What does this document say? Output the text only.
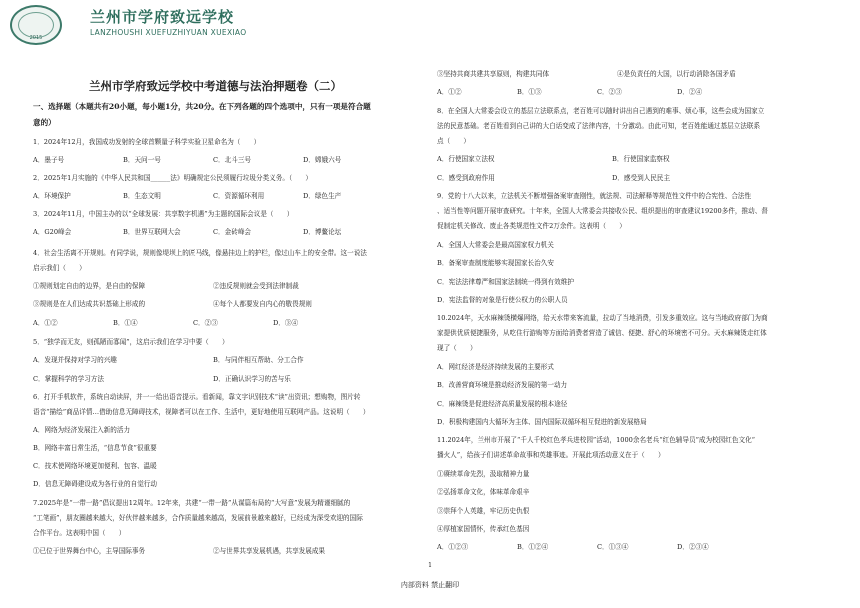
2015
兰州市学府致远学校
LANZHOUSHI XUEFUZHIYUAN XUEXIAO
兰州市学府致远学校中考道德与法治押题卷（二）
一、选择题（本题共有20小题，每小题1分，共20分。在下列各题的四个选项中，只有一项是符合题
意的）
1．2024年12月，我国成功发射的全球首颗量子科学实验卫星命名为（　　）
A．墨子号	B．天问一号	C．北斗三号	D．嫦娥六号
2．2025年1月实施的《中华人民共和国______法》明确规定公民须履行垃圾分类义务。（　　）
A．环境保护	B．生态文明	C．资源循环利用	D．绿色生产
3．2024年11月，中国主办的以“全球发展：共享数字机遇”为主题的国际会议是（　　）
A．G20峰会	B．世界互联网大会	C．金砖峰会	D．博鳌论坛
4．社会生活离不开规则。有同学说，规则像堤坝上的匠马线，像悬挂边上的护栏，像过山车上的安全带。这一说法
启示我们（　　）
①规则划定自由的边界，是自由的保障	②违反规则就会受到法律制裁
③规则是在人们达成共识基础上形成的	④每个人都要发自内心的敬畏规则
A．①②	B．①④	C．②③	D．③④
5．“独学而无友，则孤陋而寡闻”，这启示我们在学习中要（　　）
A．发现并保持对学习的兴趣	B．与同伴相互帮助、分工合作
C．掌握科学的学习方法	D．正确认识学习的苦与乐
6．打开手机软件，系统自动读屏，并一一给出语音提示。看新闻，靠文字识别技术“读”出资讯；想购物，图片转
语音“描绘”商品详情…借助信息无障碍技术，视障者可以在工作、生活中，更好地使用互联网产品。这说明（　　）
A．网络为经济发展注入新的活力
B．网络丰富日常生活，“信息节食”很重要
C．技术使网络环境更加便利、包容、温暖
D．信息无障碍建设成为各行业的自觉行动
7.2025年是“一带一路”倡议提出12周年。12年来，共建“一带一路”从谋篇布局的“大写意”发展为精谨细腻的
“工笔画”，朋友圈越来越大，好伙伴越来越多，合作质量越来越高，发展前景越来越好，已经成为深受欢迎的国际
合作平台。这表明中国（　　）
①已位于世界舞台中心，主导国际事务	②与世界共享发展机遇，共享发展成果
③坚持共商共建共享原则，构建共同体	④是负责任的大国，以行动消除各国矛盾
A．①②	B．①③	C．②③	D．②④
8．在全国人大常委会设立的基层立法联系点，老百姓可以随时讲出自己遇到的难事、烦心事，这些会成为国家立
法的民意基础。老百姓看到自己讲的大白话变成了法律内容，十分激动。由此可知，老百姓能通过基层立法联系
点（　　）
A．行使国家立法权	B．行使国家监察权
C．感受到政府作用	D．感受到人民民主
9．党的十八大以来，立法机关不断增强备案审查刚性，就法规、司法解释等规范性文件中的合宪性、合法性
、适当性等问题开展审查研究。十年来，全国人大常委会共接收公民、组织提出的审查建议19200多件，推动、督
促制定机关修改、废止各类规范性文件2万余件。这表明（　　）
A．全国人大常委会是最高国家权力机关
B．备案审查制度能够实现国家长治久安
C．宪法法律尊严和国家法制统一得到有效维护
D．宪法监督的对象是行使公权力的公职人员
10.2024年，天水麻辣烫横爆网络，给天水带来客流量，拉动了当地消费，引发多重效应。这与当地政府部门为商
家提供优质便捷服务，从吃住行游购等方面给消费者营造了诚信、便捷、舒心的环境密不可分。天水麻辣烫走红体
现了（　　）
A．网红经济是经济持续发展的主要形式
B．改善营商环境是推动经济发展的第一动力
C．麻辣烫是促进经济高质量发展的根本途径
D．积极构建国内大循环为主体、国内国际双循环相互促进的新发展格局
11.2024年，兰州市开展了“千人千校红色孝兵进校园”活动，1000余名老兵“红色辅导员”成为校园红色文化“
播火人”，给孩子们讲述革命故事和英雄事迹。开展此项活动意义在于（　　）
①赓续革命先烈，汲取精神力量
②弘扬革命文化，体味革命艰辛
③崇拜个人英雄，牢记历史仇恨
④厚植家国情怀，传承红色基因
A．①②③	B．①②④	C．①③④	D．②③④
1
内部资料 禁止翻印
